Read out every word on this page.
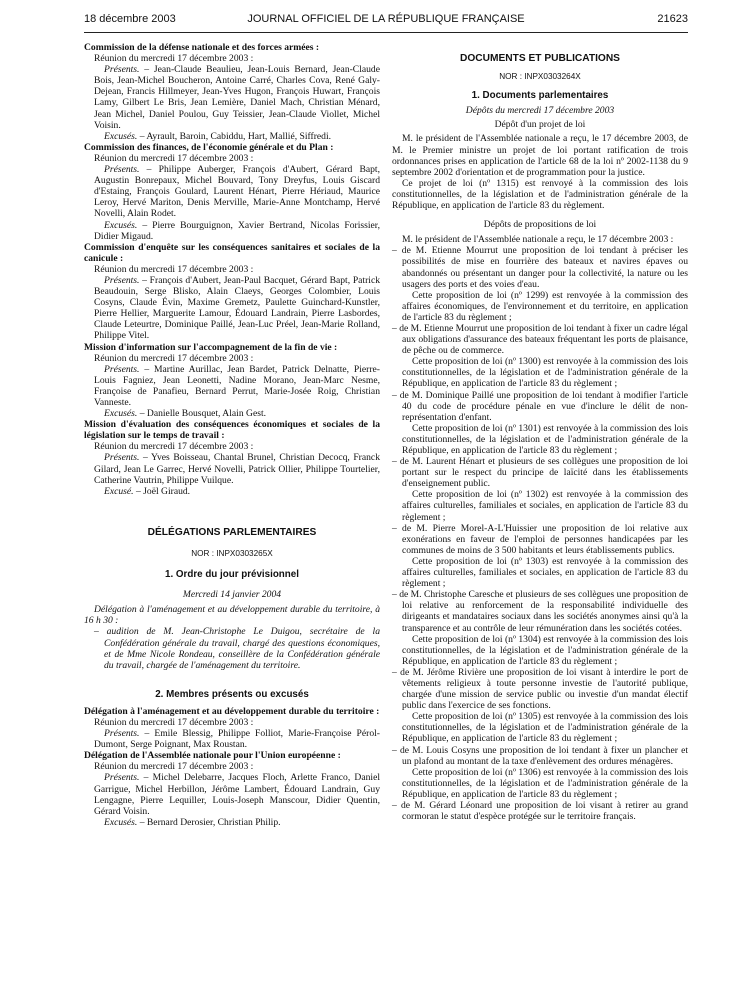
18 décembre 2003	JOURNAL OFFICIEL DE LA RÉPUBLIQUE FRANÇAISE	21623

Commission de la défense nationale et des forces armées :

Réunion du mercredi 17 décembre 2003 :

Présents. – Jean-Claude Beaulieu, Jean-Louis Bernard, Jean-Claude Bois, Jean-Michel Boucheron, Antoine Carré, Charles Cova, René Galy-Dejean, Francis Hillmeyer, Jean-Yves Hugon, François Huwart, François Lamy, Gilbert Le Bris, Jean Lemière, Daniel Mach, Christian Ménard, Jean Michel, Daniel Poulou, Guy Teissier, Jean-Claude Viollet, Michel Voisin.

Excusés. – Ayrault, Baroin, Cabiddu, Hart, Mallié, Siffredi.

Commission des finances, de l'économie générale et du Plan :

Réunion du mercredi 17 décembre 2003 :

Présents. – Philippe Auberger, François d'Aubert, Gérard Bapt, Augustin Bonrepaux, Michel Bouvard, Tony Dreyfus, Louis Giscard d'Estaing, François Goulard, Laurent Hénart, Pierre Hériaud, Maurice Leroy, Hervé Mariton, Denis Merville, Marie-Anne Montchamp, Hervé Novelli, Alain Rodet.

Excusés. – Pierre Bourguignon, Xavier Bertrand, Nicolas Forissier, Didier Migaud.

Commission d'enquête sur les conséquences sanitaires et sociales de la canicule :

Réunion du mercredi 17 décembre 2003 :

Présents. – François d'Aubert, Jean-Paul Bacquet, Gérard Bapt, Patrick Beaudouin, Serge Blisko, Alain Claeys, Georges Colombier, Louis Cosyns, Claude Évin, Maxime Gremetz, Paulette Guinchard-Kunstler, Pierre Hellier, Marguerite Lamour, Édouard Landrain, Pierre Lasbordes, Claude Leteurtre, Dominique Paillé, Jean-Luc Préel, Jean-Marie Rolland, Philippe Vitel.

Mission d'information sur l'accompagnement de la fin de vie :

Réunion du mercredi 17 décembre 2003 :

Présents. – Martine Aurillac, Jean Bardet, Patrick Delnatte, Pierre-Louis Fagniez, Jean Leonetti, Nadine Morano, Jean-Marc Nesme, Françoise de Panafieu, Bernard Perrut, Marie-Josée Roig, Christian Vanneste.

Excusés. – Danielle Bousquet, Alain Gest.

Mission d'évaluation des conséquences économiques et sociales de la législation sur le temps de travail :

Réunion du mercredi 17 décembre 2003 :

Présents. – Yves Boisseau, Chantal Brunel, Christian Decocq, Franck Gilard, Jean Le Garrec, Hervé Novelli, Patrick Ollier, Philippe Tourtelier, Catherine Vautrin, Philippe Vuilque.

Excusé. – Joël Giraud.

DÉLÉGATIONS PARLEMENTAIRES

NOR : INPX0303265X

1. Ordre du jour prévisionnel

Mercredi 14 janvier 2004

Délégation à l'aménagement et au développement durable du territoire, à 16 h 30 :

– audition de M. Jean-Christophe Le Duigou, secrétaire de la Confédération générale du travail, chargé des questions économiques, et de Mme Nicole Rondeau, conseillère de la Confédération générale du travail, chargée de l'aménagement du territoire.

2. Membres présents ou excusés

Délégation à l'aménagement et au développement durable du territoire :

Réunion du mercredi 17 décembre 2003 :

Présents. – Emile Blessig, Philippe Folliot, Marie-Françoise Pérol-Dumont, Serge Poignant, Max Roustan.

Délégation de l'Assemblée nationale pour l'Union européenne :

Réunion du mercredi 17 décembre 2003 :

Présents. – Michel Delebarre, Jacques Floch, Arlette Franco, Daniel Garrigue, Michel Herbillon, Jérôme Lambert, Édouard Landrain, Guy Lengagne, Pierre Lequiller, Louis-Joseph Manscour, Didier Quentin, Gérard Voisin.

Excusés. – Bernard Derosier, Christian Philip.

DOCUMENTS ET PUBLICATIONS

NOR : INPX0303264X

1. Documents parlementaires

Dépôts du mercredi 17 décembre 2003

Dépôt d'un projet de loi

M. le président de l'Assemblée nationale a reçu, le 17 décembre 2003, de M. le Premier ministre un projet de loi portant ratification de trois ordonnances prises en application de l'article 68 de la loi nº 2002-1138 du 9 septembre 2002 d'orientation et de programmation pour la justice.

Ce projet de loi (nº 1315) est renvoyé à la commission des lois constitutionnelles, de la législation et de l'administration générale de la République, en application de l'article 83 du règlement.

Dépôts de propositions de loi

M. le président de l'Assemblée nationale a reçu, le 17 décembre 2003 :

– de M. Etienne Mourrut une proposition de loi tendant à préciser les possibilités de mise en fourrière des bateaux et navires épaves ou abandonnés ou présentant un danger pour la collectivité, la nature ou les usagers des ports et des voies d'eau.

Cette proposition de loi (nº 1299) est renvoyée à la commission des affaires économiques, de l'environnement et du territoire, en application de l'article 83 du règlement ;

– de M. Etienne Mourrut une proposition de loi tendant à fixer un cadre légal aux obligations d'assurance des bateaux fréquentant les ports de plaisance, de pêche ou de commerce.

Cette proposition de loi (nº 1300) est renvoyée à la commission des lois constitutionnelles, de la législation et de l'administration générale de la République, en application de l'article 83 du règlement ;

– de M. Dominique Paillé une proposition de loi tendant à modifier l'article 40 du code de procédure pénale en vue d'inclure le délit de non-représentation d'enfant.

Cette proposition de loi (nº 1301) est renvoyée à la commission des lois constitutionnelles, de la législation et de l'administration générale de la République, en application de l'article 83 du règlement ;

– de M. Laurent Hénart et plusieurs de ses collègues une proposition de loi portant sur le respect du principe de laïcité dans les établissements d'enseignement public.

Cette proposition de loi (nº 1302) est renvoyée à la commission des affaires culturelles, familiales et sociales, en application de l'article 83 du règlement ;

– de M. Pierre Morel-A-L'Huissier une proposition de loi relative aux exonérations en faveur de l'emploi de personnes handicapées par les communes de moins de 3 500 habitants et leurs établissements publics.

Cette proposition de loi (nº 1303) est renvoyée à la commission des affaires culturelles, familiales et sociales, en application de l'article 83 du règlement ;

– de M. Christophe Caresche et plusieurs de ses collègues une proposition de loi relative au renforcement de la responsabilité individuelle des dirigeants et mandataires sociaux dans les sociétés anonymes ainsi qu'à la transparence et au contrôle de leur rémunération dans les sociétés cotées.

Cette proposition de loi (nº 1304) est renvoyée à la commission des lois constitutionnelles, de la législation et de l'administration générale de la République, en application de l'article 83 du règlement ;

– de M. Jérôme Rivière une proposition de loi visant à interdire le port de vêtements religieux à toute personne investie de l'autorité publique, chargée d'une mission de service public ou investie d'un mandat électif public dans l'exercice de ses fonctions.

Cette proposition de loi (nº 1305) est renvoyée à la commission des lois constitutionnelles, de la législation et de l'administration générale de la République, en application de l'article 83 du règlement ;

– de M. Louis Cosyns une proposition de loi tendant à fixer un plancher et un plafond au montant de la taxe d'enlèvement des ordures ménagères.

Cette proposition de loi (nº 1306) est renvoyée à la commission des lois constitutionnelles, de la législation et de l'administration générale de la République, en application de l'article 83 du règlement ;

– de M. Gérard Léonard une proposition de loi visant à retirer au grand cormoran le statut d'espèce protégée sur le territoire français.
